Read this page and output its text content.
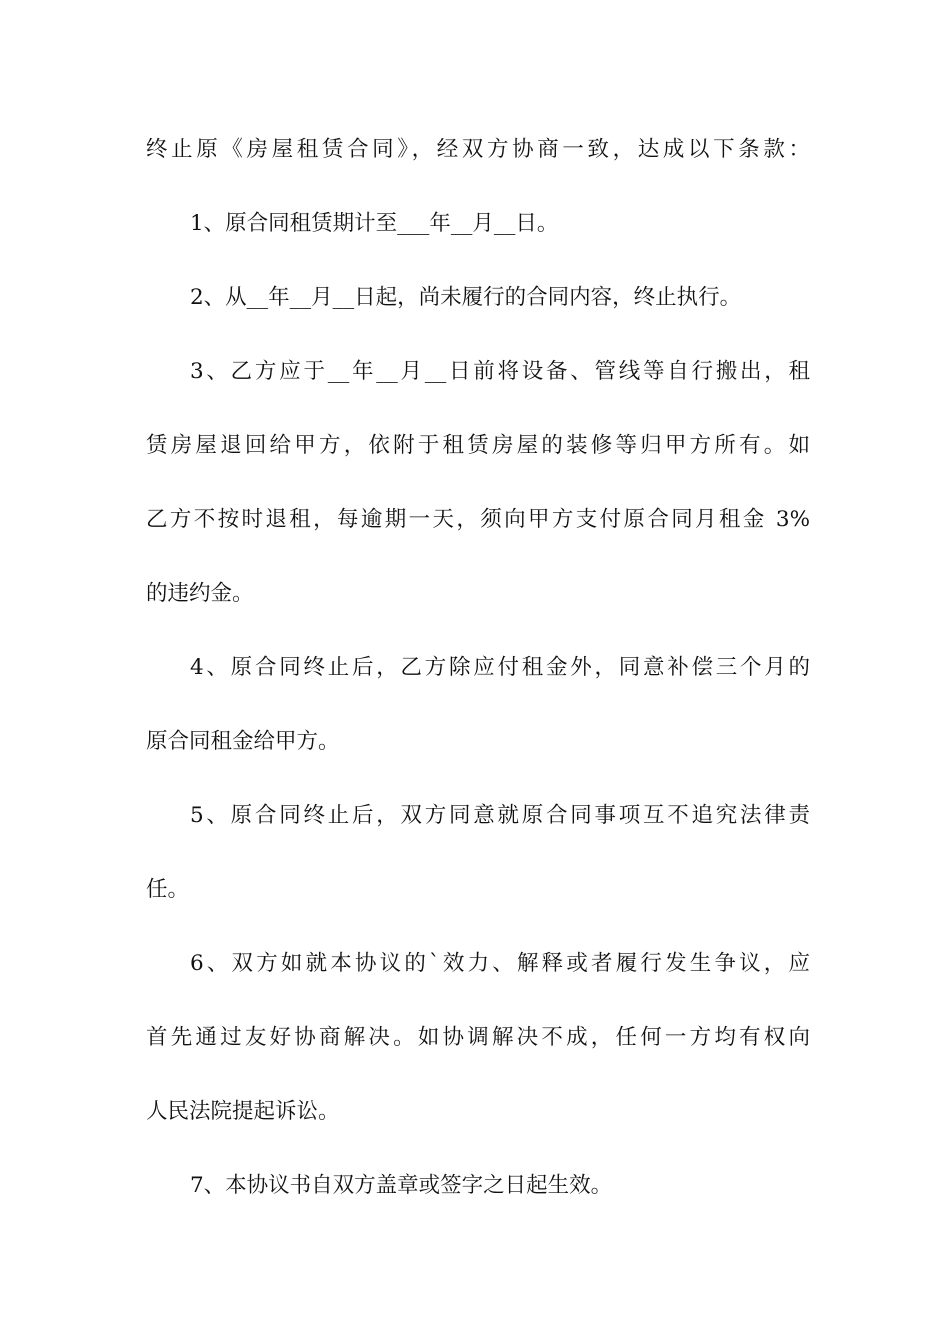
终止原《房屋租赁合同》，经双方协商一致，达成以下条款：
1、原合同租赁期计至___年__月__日。
2、从__年__月__日起，尚未履行的合同内容，终止执行。
3、乙方应于__年__月__日前将设备、管线等自行搬出，租
赁房屋退回给甲方，依附于租赁房屋的装修等归甲方所有。如
乙方不按时退租，每逾期一天，须向甲方支付原合同月租金 3%
的违约金。
4、原合同终止后，乙方除应付租金外，同意补偿三个月的
原合同租金给甲方。
5、原合同终止后，双方同意就原合同事项互不追究法律责
任。
6、双方如就本协议的`效力、解释或者履行发生争议，应
首先通过友好协商解决。如协调解决不成，任何一方均有权向
人民法院提起诉讼。
7、本协议书自双方盖章或签字之日起生效。
